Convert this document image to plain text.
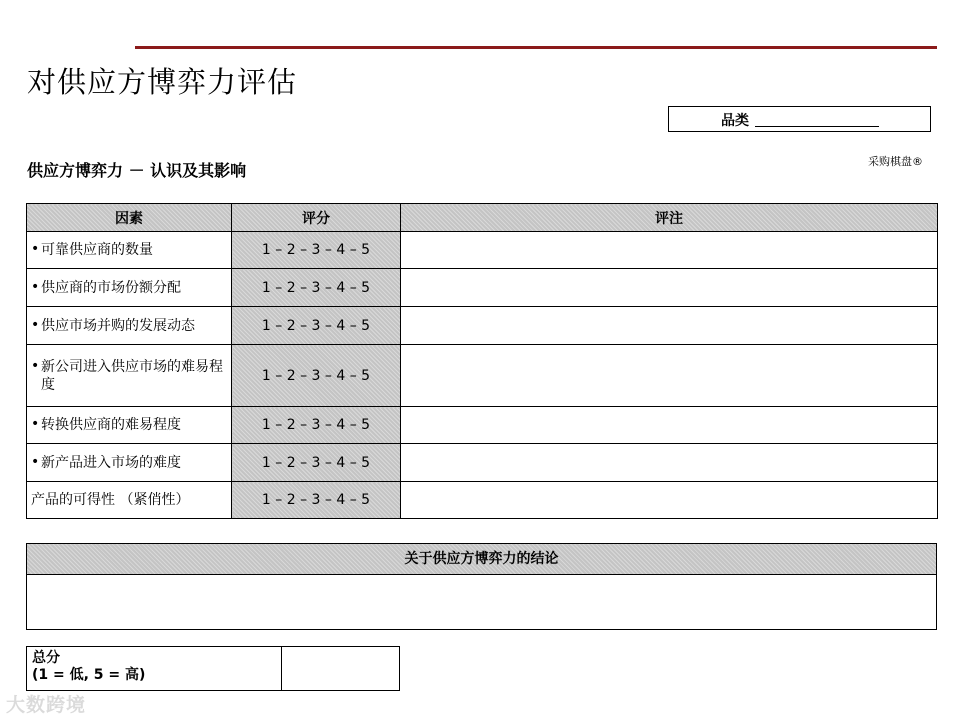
对供应方博弈力评估
品类
供应方博弈力 － 认识及其影响	采购棋盘®
因素	评分	评注

• 可靠供应商的数量	1 – 2 – 3 – 4 – 5	

• 供应商的市场份额分配	1 – 2 – 3 – 4 – 5	

• 供应市场并购的发展动态	1 – 2 – 3 – 4 – 5	

• 新公司进入供应市场的难易程度	1 – 2 – 3 – 4 – 5	

• 转换供应商的难易程度	1 – 2 – 3 – 4 – 5	

• 新产品进入市场的难度	1 – 2 – 3 – 4 – 5	

产品的可得性 （紧俏性）	1 – 2 – 3 – 4 – 5	
关于供应方博弈力的结论
总分
(1 = 低, 5 = 高)
大数跨境
